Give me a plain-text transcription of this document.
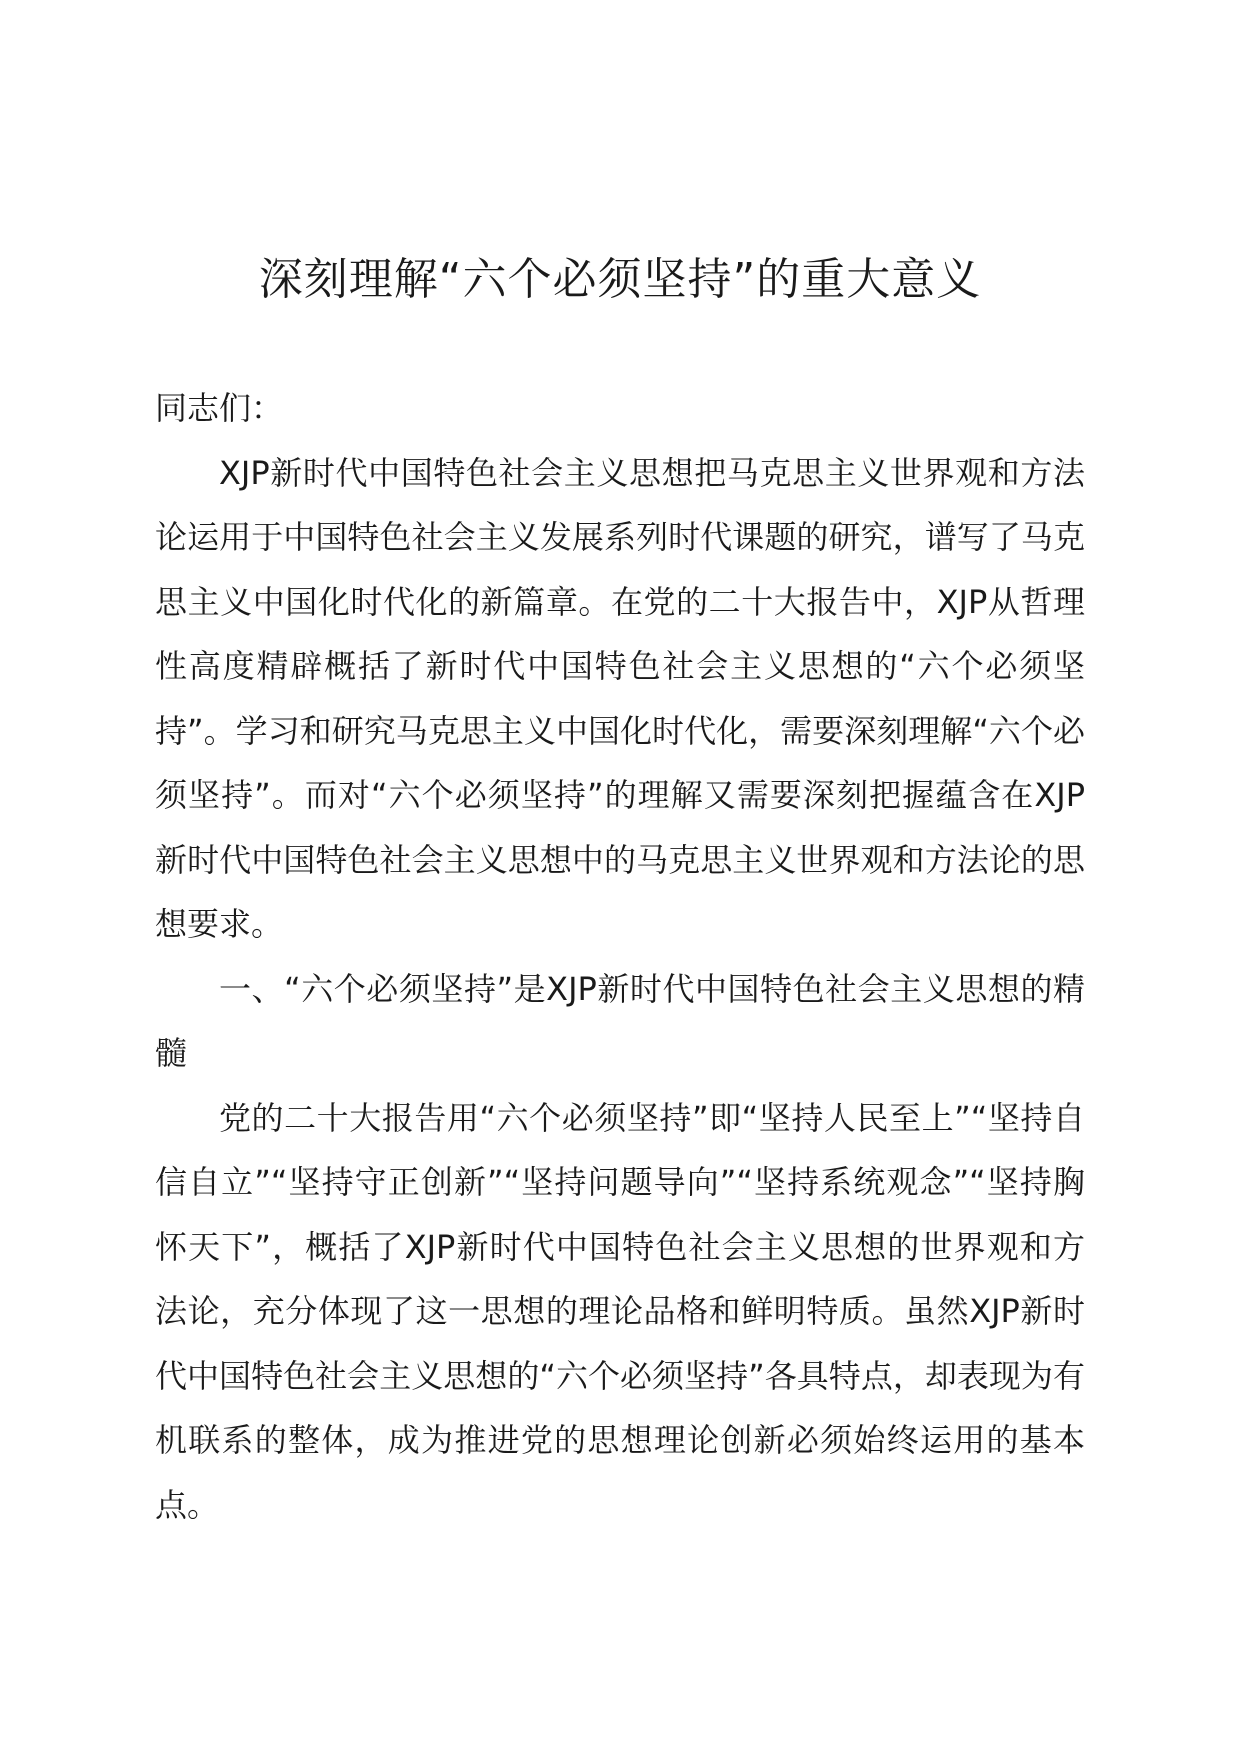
深刻理解“六个必须坚持”的重大意义

同志们：

XJP新时代中国特色社会主义思想把马克思主义世界观和方法论运用于中国特色社会主义发展系列时代课题的研究，谱写了马克思主义中国化时代化的新篇章。在党的二十大报告中，XJP从哲理性高度精辟概括了新时代中国特色社会主义思想的“六个必须坚持”。学习和研究马克思主义中国化时代化，需要深刻理解“六个必须坚持”。而对“六个必须坚持”的理解又需要深刻把握蕴含在XJP新时代中国特色社会主义思想中的马克思主义世界观和方法论的思想要求。

一、“六个必须坚持”是XJP新时代中国特色社会主义思想的精髓

党的二十大报告用“六个必须坚持”即“坚持人民至上”“坚持自信自立”“坚持守正创新”“坚持问题导向”“坚持系统观念”“坚持胸怀天下”，概括了XJP新时代中国特色社会主义思想的世界观和方法论，充分体现了这一思想的理论品格和鲜明特质。虽然XJP新时代中国特色社会主义思想的“六个必须坚持”各具特点，却表现为有机联系的整体，成为推进党的思想理论创新必须始终运用的基本点。
